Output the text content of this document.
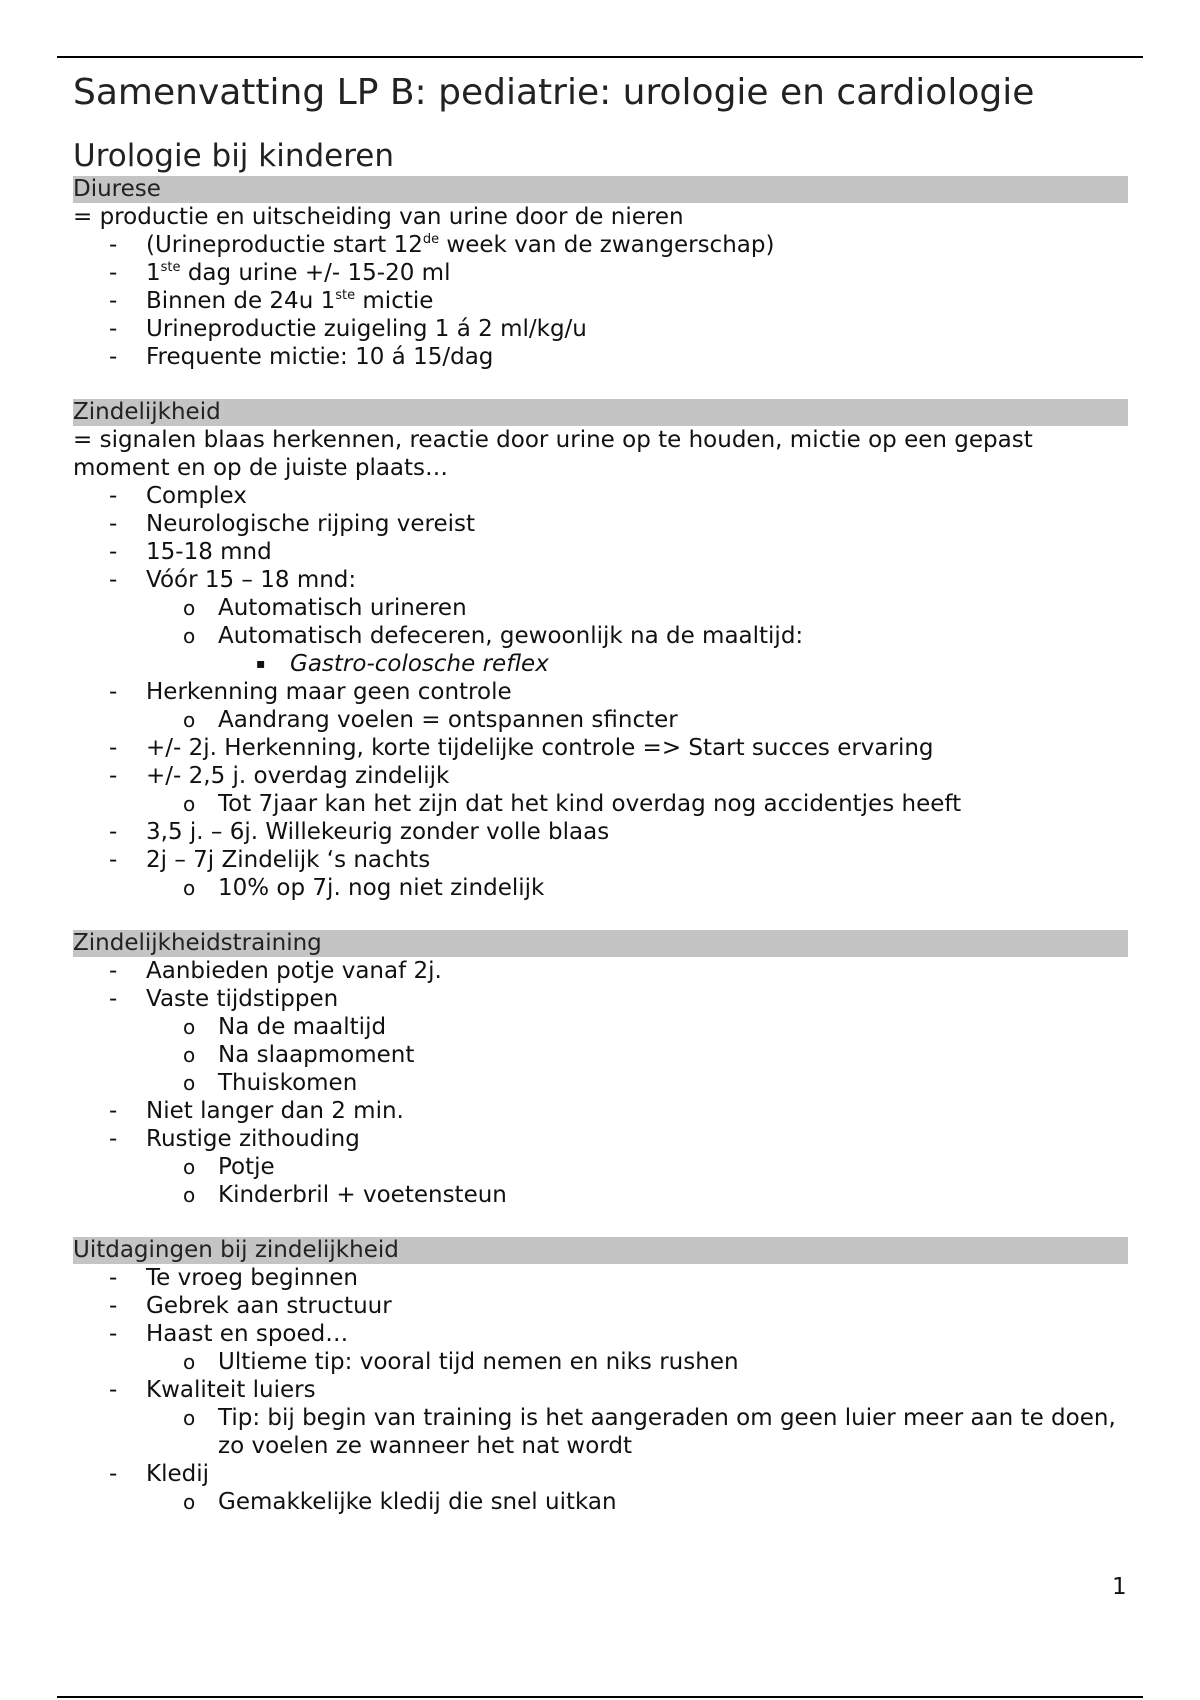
Samenvatting LP B: pediatrie: urologie en cardiologie
Urologie bij kinderen
Diurese

= productie en uitscheiding van urine door de nieren

- (Urineproductie start 12de week van de zwangerschap)
- 1ste dag urine +/- 15-20 ml
- Binnen de 24u 1ste mictie
- Urineproductie zuigeling 1 á 2 ml/kg/u
- Frequente mictie: 10 á 15/dag
Zindelijkheid

= signalen blaas herkennen, reactie door urine op te houden, mictie op een gepast moment en op de juiste plaats…

- Complex
- Neurologische rijping vereist
- 15-18 mnd
- Vóór 15 – 18 mnd:
o Automatisch urineren
o Automatisch defeceren, gewoonlijk na de maaltijd:
▪ Gastro-colosche reflex
- Herkenning maar geen controle
o Aandrang voelen = ontspannen sfincter
- +/- 2j. Herkenning, korte tijdelijke controle => Start succes ervaring
- +/- 2,5 j. overdag zindelijk
o Tot 7jaar kan het zijn dat het kind overdag nog accidentjes heeft
- 3,5 j. – 6j. Willekeurig zonder volle blaas
- 2j – 7j Zindelijk ‘s nachts
o 10% op 7j. nog niet zindelijk
Zindelijkheidstraining
- Aanbieden potje vanaf 2j.
- Vaste tijdstippen
o Na de maaltijd
o Na slaapmoment
o Thuiskomen
- Niet langer dan 2 min.
- Rustige zithouding
o Potje
o Kinderbril + voetensteun
Uitdagingen bij zindelijkheid
- Te vroeg beginnen
- Gebrek aan structuur
- Haast en spoed…
o Ultieme tip: vooral tijd nemen en niks rushen
- Kwaliteit luiers
o Tip: bij begin van training is het aangeraden om geen luier meer aan te doen, zo voelen ze wanneer het nat wordt
- Kledij
o Gemakkelijke kledij die snel uitkan
1
